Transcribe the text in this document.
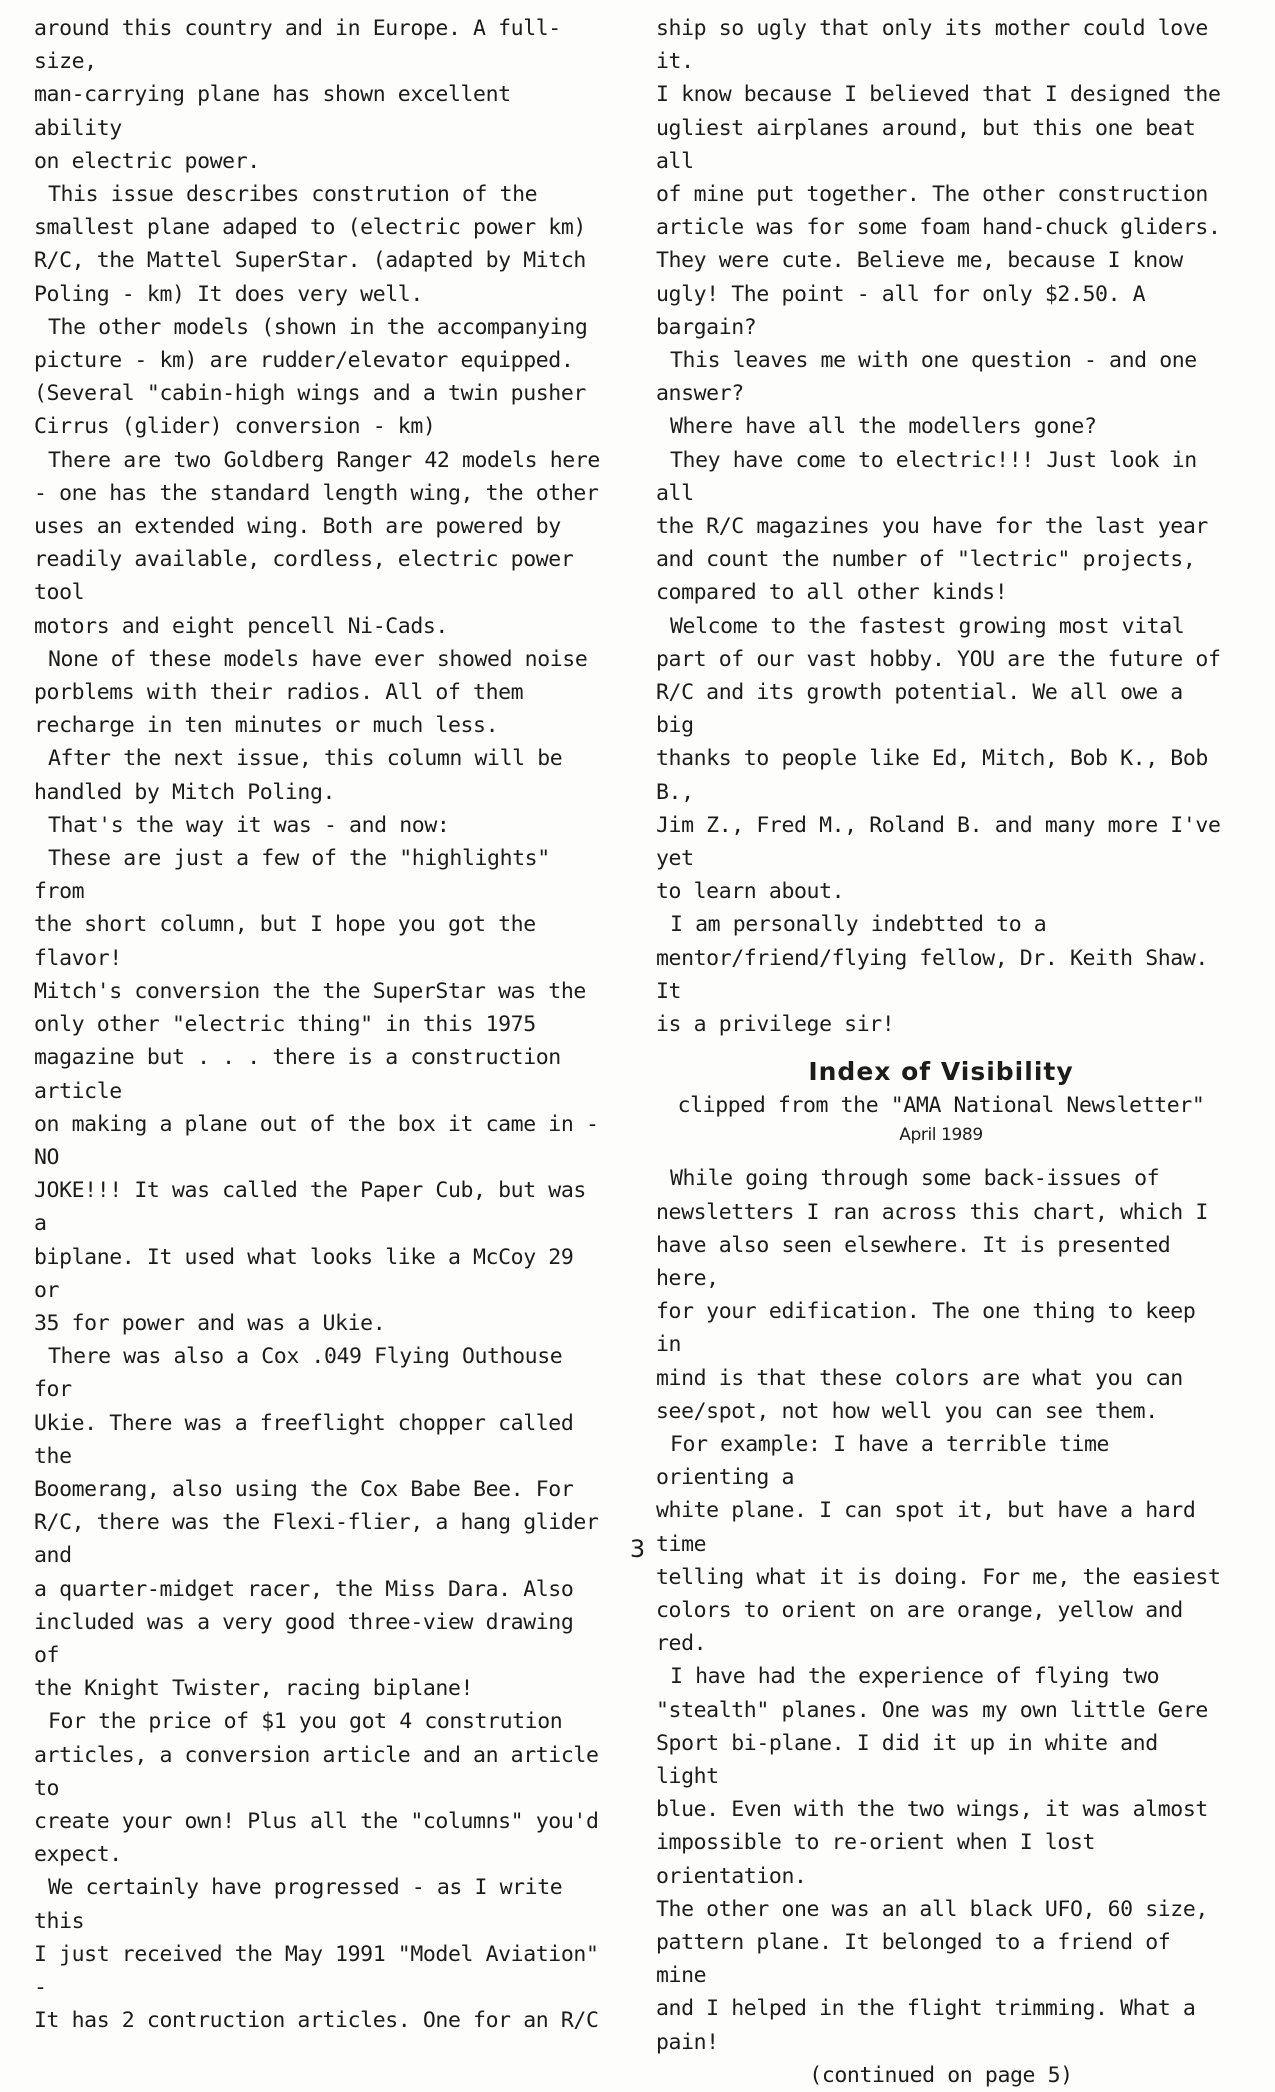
around this country and in Europe. A full-size,
man-carrying plane has shown excellent ability
on electric power.

This issue describes constrution of the
smallest plane adaped to (electric power km)
R/C, the Mattel SuperStar. (adapted by Mitch
Poling - km) It does very well.

The other models (shown in the accompanying
picture - km) are rudder/elevator equipped.
(Several "cabin-high wings and a twin pusher
Cirrus (glider) conversion - km)

There are two Goldberg Ranger 42 models here
- one has the standard length wing, the other
uses an extended wing. Both are powered by
readily available, cordless, electric power tool
motors and eight pencell Ni-Cads.

None of these models have ever showed noise
porblems with their radios. All of them
recharge in ten minutes or much less.

After the next issue, this column will be
handled by Mitch Poling.

That's the way it was - and now:

These are just a few of the "highlights" from
the short column, but I hope you got the flavor!
Mitch's conversion the the SuperStar was the
only other "electric thing" in this 1975
magazine but . . . there is a construction article
on making a plane out of the box it came in - NO
JOKE!!! It was called the Paper Cub, but was a
biplane. It used what looks like a McCoy 29 or
35 for power and was a Ukie.

There was also a Cox .049 Flying Outhouse for
Ukie. There was a freeflight chopper called the
Boomerang, also using the Cox Babe Bee. For
R/C, there was the Flexi-flier, a hang glider and
a quarter-midget racer, the Miss Dara. Also
included was a very good three-view drawing of
the Knight Twister, racing biplane!

For the price of $1 you got 4 constrution
articles, a conversion article and an article to
create your own! Plus all the "columns" you'd
expect.

We certainly have progressed - as I write this
I just received the May 1991 "Model Aviation" -
It has 2 contruction articles. One for an R/C

ship so ugly that only its mother could love it.
I know because I believed that I designed the
ugliest airplanes around, but this one beat all
of mine put together. The other construction
article was for some foam hand-chuck gliders.
They were cute. Believe me, because I know
ugly! The point - all for only $2.50. A bargain?

This leaves me with one question - and one
answer?

Where have all the modellers gone?

They have come to electric!!! Just look in all
the R/C magazines you have for the last year
and count the number of "lectric" projects,
compared to all other kinds!

Welcome to the fastest growing most vital
part of our vast hobby. YOU are the future of
R/C and its growth potential. We all owe a big
thanks to people like Ed, Mitch, Bob K., Bob B.,
Jim Z., Fred M., Roland B. and many more I've yet
to learn about.

I am personally indebtted to a
mentor/friend/flying fellow, Dr. Keith Shaw. It
is a privilege sir!

Index of Visibility

clipped from the "AMA National Newsletter"

April 1989

While going through some back-issues of
newsletters I ran across this chart, which I
have also seen elsewhere. It is presented here,
for your edification. The one thing to keep in
mind is that these colors are what you can
see/spot, not how well you can see them.

For example: I have a terrible time orienting a
white plane. I can spot it, but have a hard time
telling what it is doing. For me, the easiest
colors to orient on are orange, yellow and red.

I have had the experience of flying two
"stealth" planes. One was my own little Gere
Sport bi-plane. I did it up in white and light
blue. Even with the two wings, it was almost
impossible to re-orient when I lost orientation.
The other one was an all black UFO, 60 size,
pattern plane. It belonged to a friend of mine
and I helped in the flight trimming. What a pain!

(continued on page 5)

3
